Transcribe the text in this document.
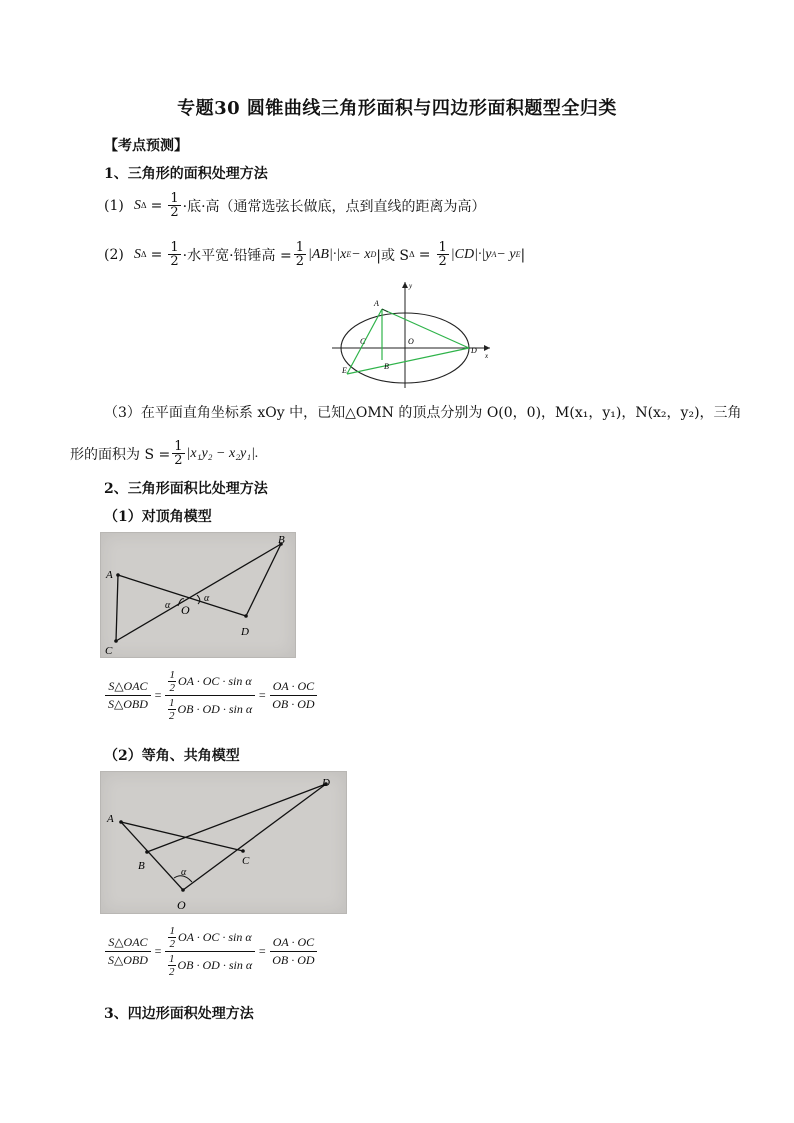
专题30 圆锥曲线三角形面积与四边形面积题型全归类
【考点预测】
1、三角形的面积处理方法
(1) S $\Delta = \frac{1}{2}$ ·底·高（通常选弦长做底，点到直线的距离为高）
(2) S $\Delta = \frac{1}{2}$ ·水平宽·铅锤高 = $\frac{1}{2} |AB|\cdot|x$ E − x D |或 S $\Delta = \frac{1}{2} |CD|\cdot|y$ A − y E |
A
B
C
D
E
O
x
y
（3）在平面直角坐标系 xOy 中，已知△OMN 的顶点分别为 O(0，0)，M(x₁，y₁)，N(x₂，y₂)，三角
形的面积为 $S = \frac{1}{2} |x_1y_2 - x_2y_1|$.
2、三角形面积比处理方法
（1）对顶角模型
A
B
C
D
O
α
α
S△OAC
S△OBD
= 1
2 OA · OC · sin α
1
2 OB · OD · $\sin \alpha = \frac{OA \cdot OC}{OB \cdot OD}$
（2）等角、共角模型
A
B	C
D
O
α
S△OAC
S△OBD
= 1
2 OA · OC · sin α
1
2 OB · OD · $\sin \alpha = \frac{OA \cdot OC}{OB \cdot OD}$
3、四边形面积处理方法
